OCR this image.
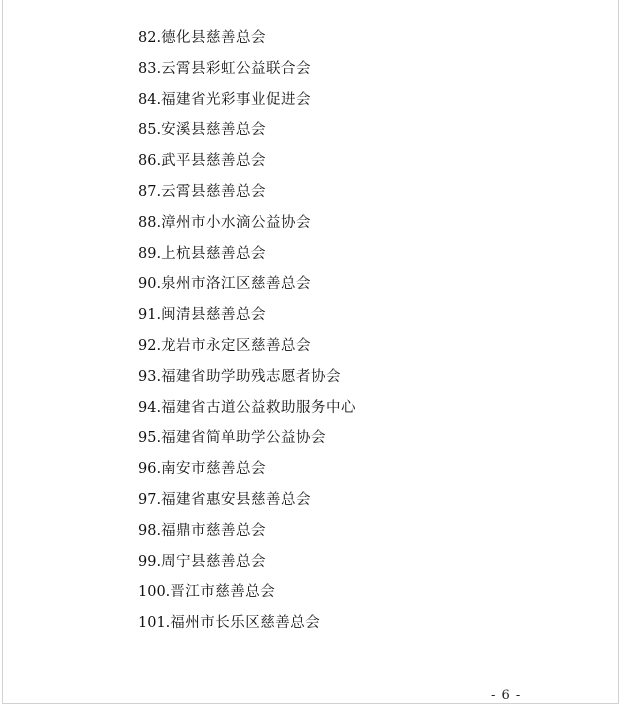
82.德化县慈善总会
83.云霄县彩虹公益联合会
84.福建省光彩事业促进会
85.安溪县慈善总会
86.武平县慈善总会
87.云霄县慈善总会
88.漳州市小水滴公益协会
89.上杭县慈善总会
90.泉州市洛江区慈善总会
91.闽清县慈善总会
92.龙岩市永定区慈善总会
93.福建省助学助残志愿者协会
94.福建省古道公益救助服务中心
95.福建省简单助学公益协会
96.南安市慈善总会
97.福建省惠安县慈善总会
98.福鼎市慈善总会
99.周宁县慈善总会
100.晋江市慈善总会
101.福州市长乐区慈善总会
- 6 -
